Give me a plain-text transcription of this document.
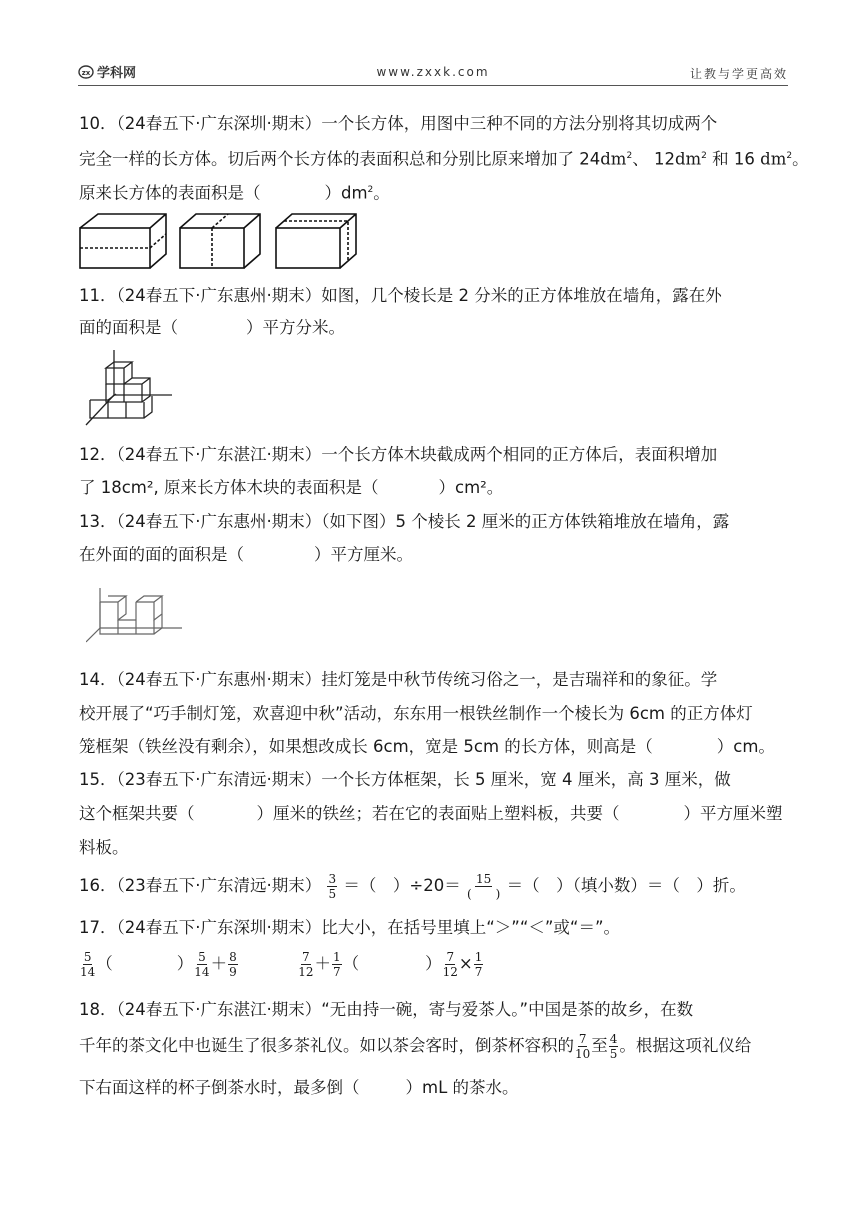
zx 学科网	www.zxxk.com	让教与学更高效
10．（24春五下·广东深圳·期末）一个长方体，用图中三种不同的方法分别将其切成两个
完全一样的长方体。切后两个长方体的表面积总和分别比原来增加了 $24dm^2$、 $12dm^2$ 和 16 $dm^2$。
原来长方体的表面积是（	）$dm^2$。
11．（24春五下·广东惠州·期末）如图，几个棱长是 2 分米的正方体堆放在墙角，露在外
面的面积是（	）平方分米。
12．（24春五下·广东湛江·期末）一个长方体木块截成两个相同的正方体后，表面积增加
了 18cm², 原来长方体木块的表面积是（	）cm²。
13．（24春五下·广东惠州·期末）（如下图）5 个棱长 2 厘米的正方体铁箱堆放在墙角，露
在外面的面的面积是（	）平方厘米。
14．（24春五下·广东惠州·期末）挂灯笼是中秋节传统习俗之一，是吉瑞祥和的象征。学
校开展了“巧手制灯笼，欢喜迎中秋”活动，东东用一根铁丝制作一个棱长为 6cm 的正方体灯
笼框架（铁丝没有剩余），如果想改成长 6cm，宽是 5cm 的长方体，则高是（	）cm。
15．（23春五下·广东清远·期末）一个长方体框架，长 5 厘米，宽 4 厘米，高 3 厘米，做
这个框架共要（	）厘米的铁丝；若在它的表面贴上塑料板，共要（	）平方厘米塑
料板。
16．（23春五下·广东清远·期末） $\frac{3}{5}$ ＝（　）$\div 20= \frac{15}{( )}$ ＝（　）（填小数）＝（　）折。
17．（24春五下·广东深圳·期末）比大小，在括号里填上“＞”“＜”或“＝”。
$\frac{5}{14}$ （	） $\frac{5}{14} + \frac{8}{9}$
	$\frac{7}{12} + \frac{1}{7}$ （	） $\frac{7}{12} \times \frac{1}{7}$
18．（24春五下·广东湛江·期末）“无由持一碗，寄与爱茶人。”中国是茶的故乡，在数
千年的茶文化中也诞生了很多茶礼仪。如以茶会客时，倒茶杯容积的 $\frac{7}{10}$ 至 $\frac{4}{5}$ 。根据这项礼仪给
下右面这样的杯子倒茶水时，最多倒（	）mL 的茶水。
